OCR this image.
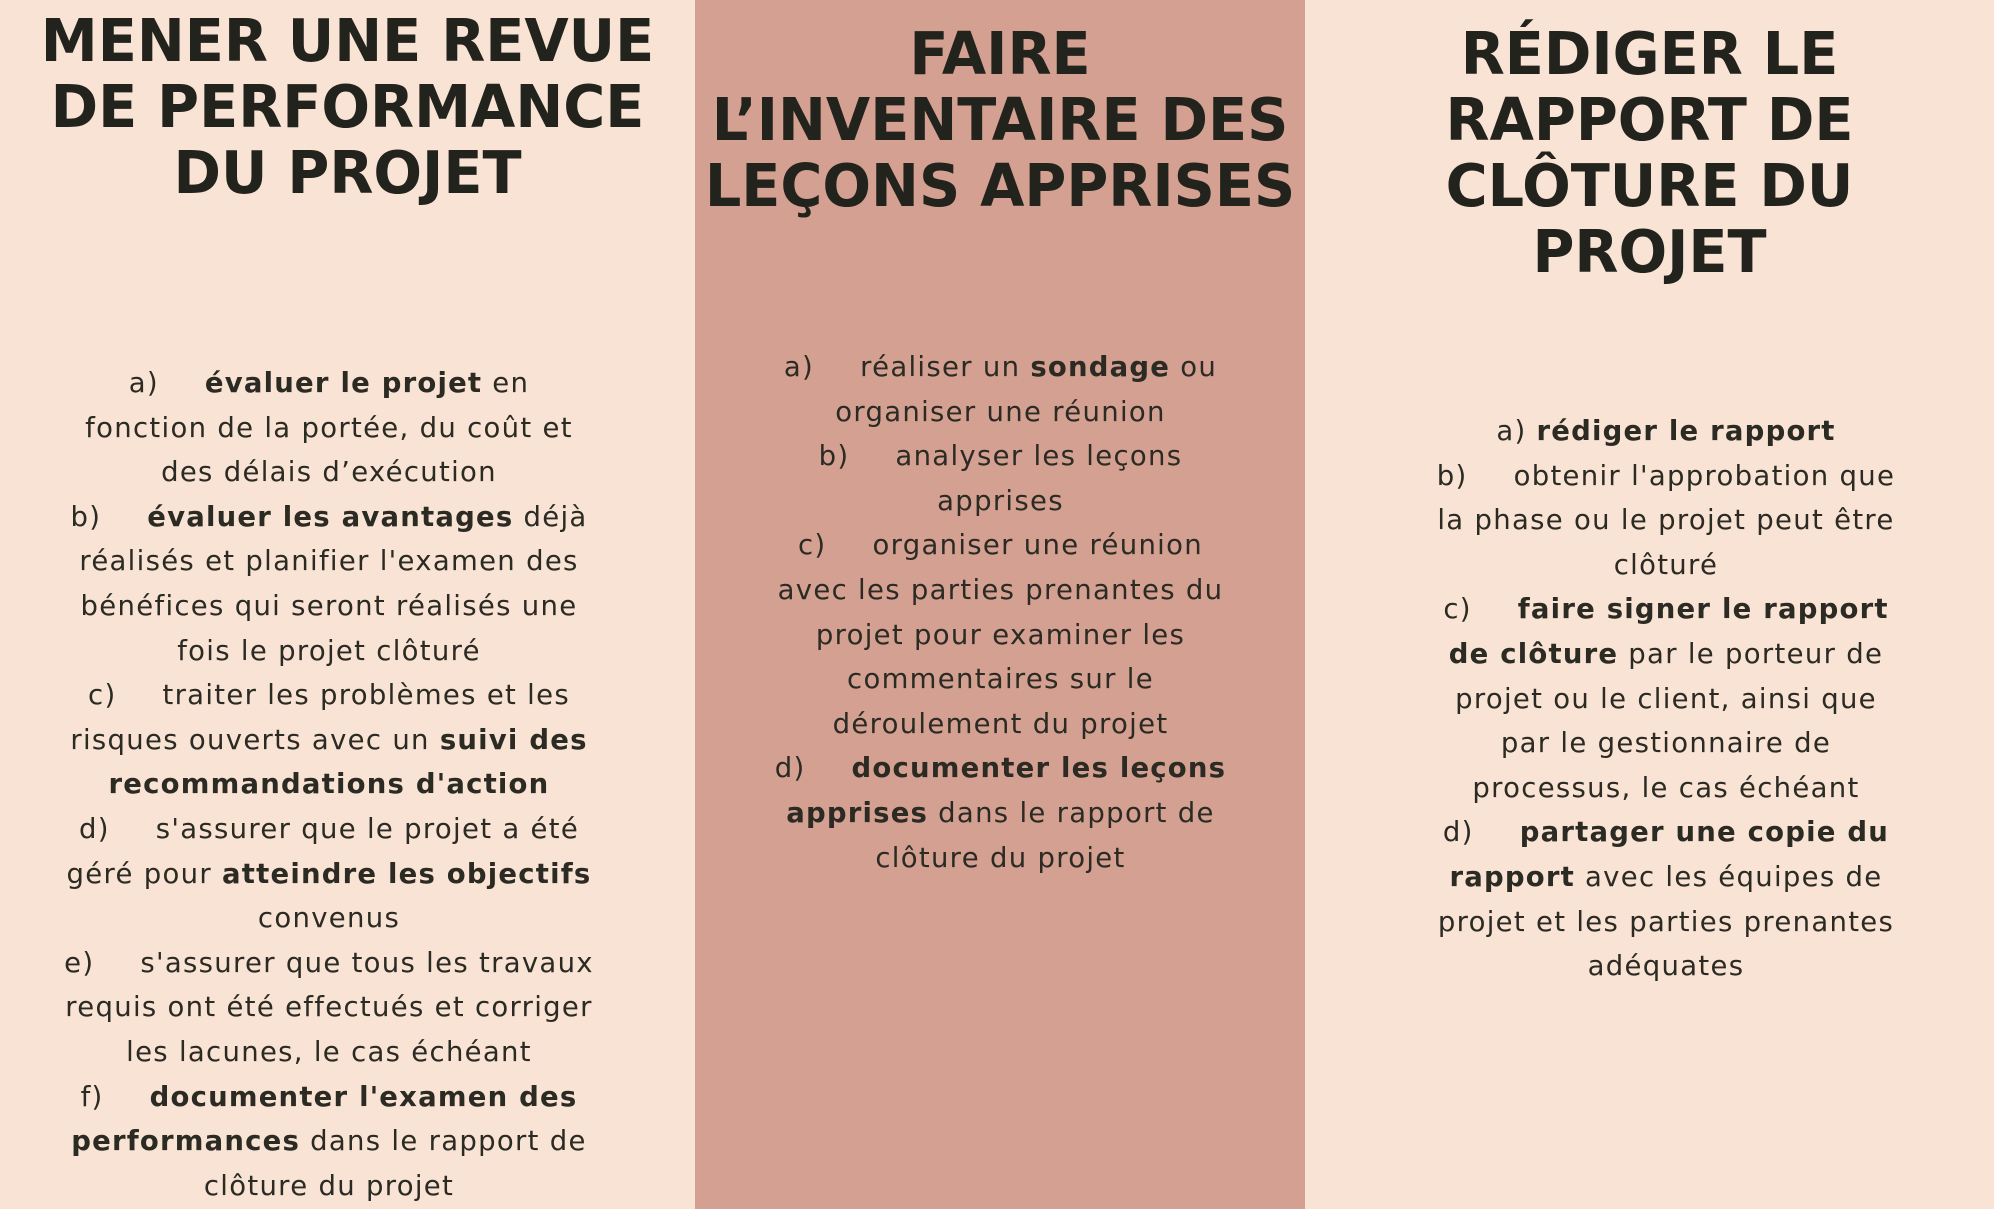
MENER UNE REVUE
DE PERFORMANCE
DU PROJET
a) évaluer le projet en fonction de la portée, du coût et des délais d’exécution
b) évaluer les avantages déjà réalisés et planifier l'examen des bénéfices qui seront réalisés une fois le projet clôturé
c) traiter les problèmes et les risques ouverts avec un suivi des recommandations d'action
d) s'assurer que le projet a été géré pour atteindre les objectifs convenus
e) s'assurer que tous les travaux requis ont été effectués et corriger les lacunes, le cas échéant
f) documenter l'examen des performances dans le rapport de clôture du projet
FAIRE
L’INVENTAIRE DES
LEÇONS APPRISES
a) réaliser un sondage ou organiser une réunion
b) analyser les leçons apprises
c) organiser une réunion avec les parties prenantes du projet pour examiner les commentaires sur le déroulement du projet
d) documenter les leçons apprises dans le rapport de clôture du projet
RÉDIGER LE
RAPPORT DE
CLÔTURE DU
PROJET
a) rédiger le rapport
b) obtenir l'approbation que la phase ou le projet peut être clôturé
c) faire signer le rapport de clôture par le porteur de projet ou le client, ainsi que par le gestionnaire de processus, le cas échéant
d) partager une copie du rapport avec les équipes de projet et les parties prenantes adéquates
